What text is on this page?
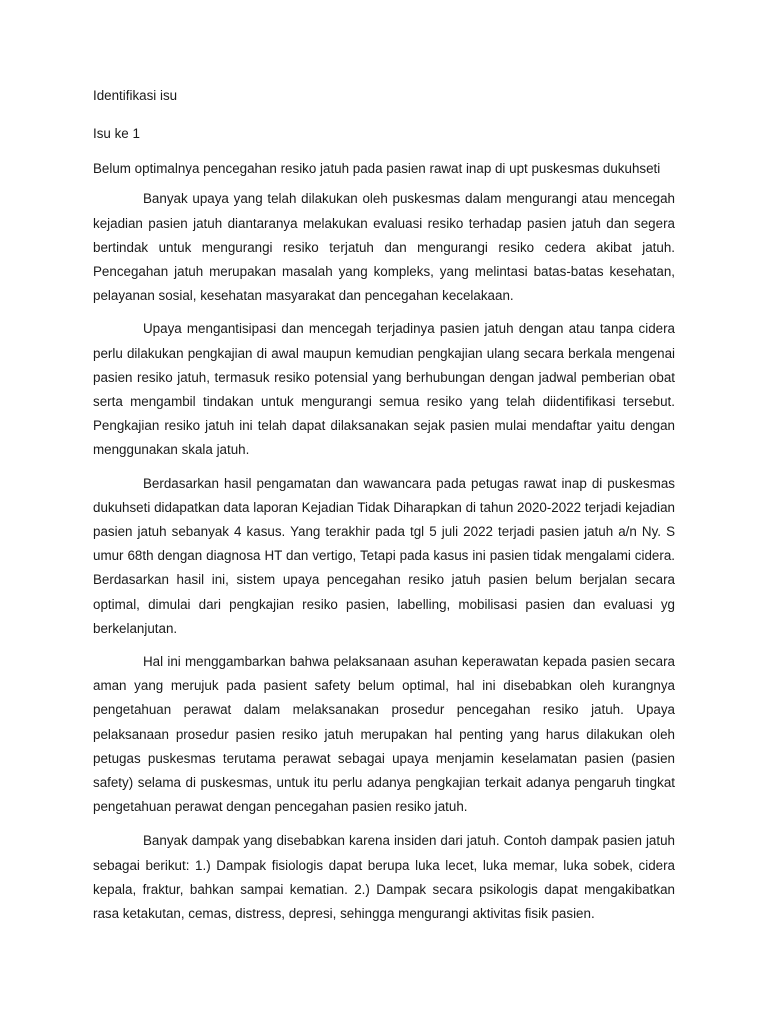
Identifikasi isu

Isu ke 1

Belum optimalnya pencegahan resiko jatuh pada pasien rawat inap di upt puskesmas dukuhseti

Banyak upaya yang telah dilakukan oleh puskesmas dalam mengurangi atau mencegah kejadian pasien jatuh diantaranya melakukan evaluasi resiko terhadap pasien jatuh dan segera bertindak untuk mengurangi resiko terjatuh dan mengurangi resiko cedera akibat jatuh. Pencegahan jatuh merupakan masalah yang kompleks, yang melintasi batas-batas kesehatan, pelayanan sosial, kesehatan masyarakat dan pencegahan kecelakaan.

Upaya mengantisipasi dan mencegah terjadinya pasien jatuh dengan atau tanpa cidera perlu dilakukan pengkajian di awal maupun kemudian pengkajian ulang secara berkala mengenai pasien resiko jatuh, termasuk resiko potensial yang berhubungan dengan jadwal pemberian obat serta mengambil tindakan untuk mengurangi semua resiko yang telah diidentifikasi tersebut. Pengkajian resiko jatuh ini telah dapat dilaksanakan sejak pasien mulai mendaftar yaitu dengan menggunakan skala jatuh.

Berdasarkan hasil pengamatan dan wawancara pada petugas rawat inap di puskesmas dukuhseti didapatkan data laporan Kejadian Tidak Diharapkan di tahun 2020-2022 terjadi kejadian pasien jatuh sebanyak 4 kasus. Yang terakhir pada tgl 5 juli 2022 terjadi pasien jatuh a/n Ny. S umur 68th dengan diagnosa HT dan vertigo, Tetapi pada kasus ini pasien tidak mengalami cidera. Berdasarkan hasil ini, sistem upaya pencegahan resiko jatuh pasien belum berjalan secara optimal, dimulai dari pengkajian resiko pasien, labelling, mobilisasi pasien dan evaluasi yg berkelanjutan.

Hal ini menggambarkan bahwa pelaksanaan asuhan keperawatan kepada pasien secara aman yang merujuk pada pasient safety belum optimal, hal ini disebabkan oleh kurangnya pengetahuan perawat dalam melaksanakan prosedur pencegahan resiko jatuh. Upaya pelaksanaan prosedur pasien resiko jatuh merupakan hal penting yang harus dilakukan oleh petugas puskesmas terutama perawat sebagai upaya menjamin keselamatan pasien (pasien safety) selama di puskesmas, untuk itu perlu adanya pengkajian terkait adanya pengaruh tingkat pengetahuan perawat dengan pencegahan pasien resiko jatuh.

Banyak dampak yang disebabkan karena insiden dari jatuh. Contoh dampak pasien jatuh sebagai berikut: 1.) Dampak fisiologis dapat berupa luka lecet, luka memar, luka sobek, cidera kepala, fraktur, bahkan sampai kematian. 2.) Dampak secara psikologis dapat mengakibatkan rasa ketakutan, cemas, distress, depresi, sehingga mengurangi aktivitas fisik pasien.
